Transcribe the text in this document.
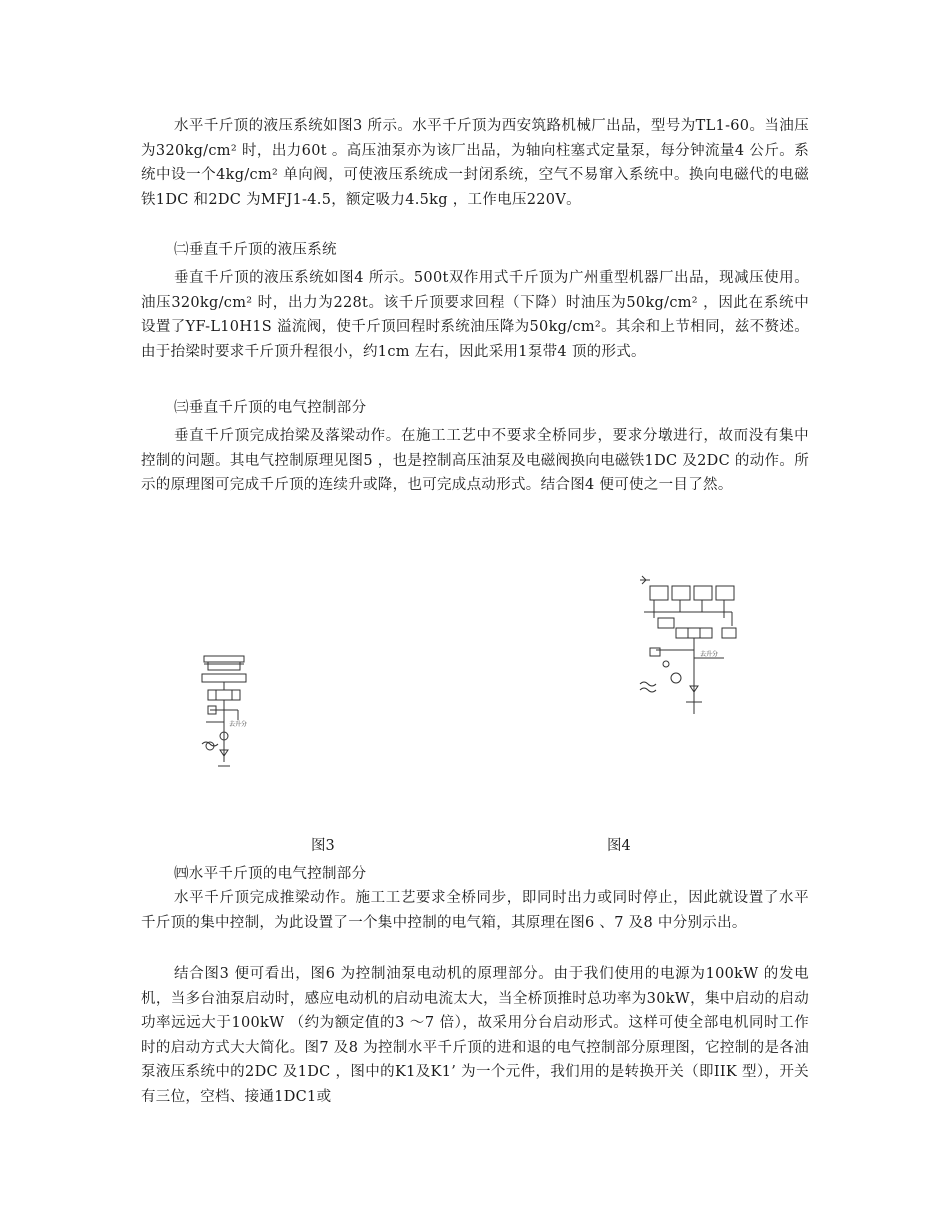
水平千斤顶的液压系统如图3 所示。水平千斤顶为西安筑路机械厂出品，型号为TL1-60。当油压为320kg/cm² 时，出力60t 。高压油泵亦为该厂出品，为轴向柱塞式定量泵，每分钟流量4 公斤。系统中设一个4kg/cm² 单向阀，可使液压系统成一封闭系统，空气不易窜入系统中。换向电磁代的电磁铁1DC 和2DC 为MFJ1-4.5，额定吸力4.5kg ，工作电压220V。

㈡垂直千斤顶的液压系统

垂直千斤顶的液压系统如图4 所示。500t双作用式千斤顶为广州重型机器厂出品，现减压使用。油压320kg/cm² 时，出力为228t。该千斤顶要求回程（下降）时油压为50kg/cm² ，因此在系统中设置了YF-L10H1S 溢流阀，使千斤顶回程时系统油压降为50kg/cm²。其余和上节相同，兹不赘述。由于抬梁时要求千斤顶升程很小，约1cm 左右，因此采用1泵带4 顶的形式。

㈢垂直千斤顶的电气控制部分

垂直千斤顶完成抬梁及落梁动作。在施工工艺中不要求全桥同步，要求分墩进行，故而没有集中控制的问题。其电气控制原理见图5 ，也是控制高压油泵及电磁阀换向电磁铁1DC 及2DC 的动作。所示的原理图可完成千斤顶的连续升或降，也可完成点动形式。结合图4 便可使之一目了然。

去升分
去升分
图3	图4

㈣水平千斤顶的电气控制部分

水平千斤顶完成推梁动作。施工工艺要求全桥同步，即同时出力或同时停止，因此就设置了水平千斤顶的集中控制，为此设置了一个集中控制的电气箱，其原理在图6 、7 及8 中分别示出。

结合图3 便可看出，图6 为控制油泵电动机的原理部分。由于我们使用的电源为100kW 的发电机，当多台油泵启动时，感应电动机的启动电流太大，当全桥顶推时总功率为30kW，集中启动的启动功率远远大于100kW （约为额定值的3 ～7 倍），故采用分台启动形式。这样可使全部电机同时工作时的启动方式大大简化。图7 及8 为控制水平千斤顶的进和退的电气控制部分原理图，它控制的是各油泵液压系统中的2DC 及1DC ，图中的K1及K1’ 为一个元件，我们用的是转换开关（即IIK 型），开关有三位，空档、接通1DC1或
